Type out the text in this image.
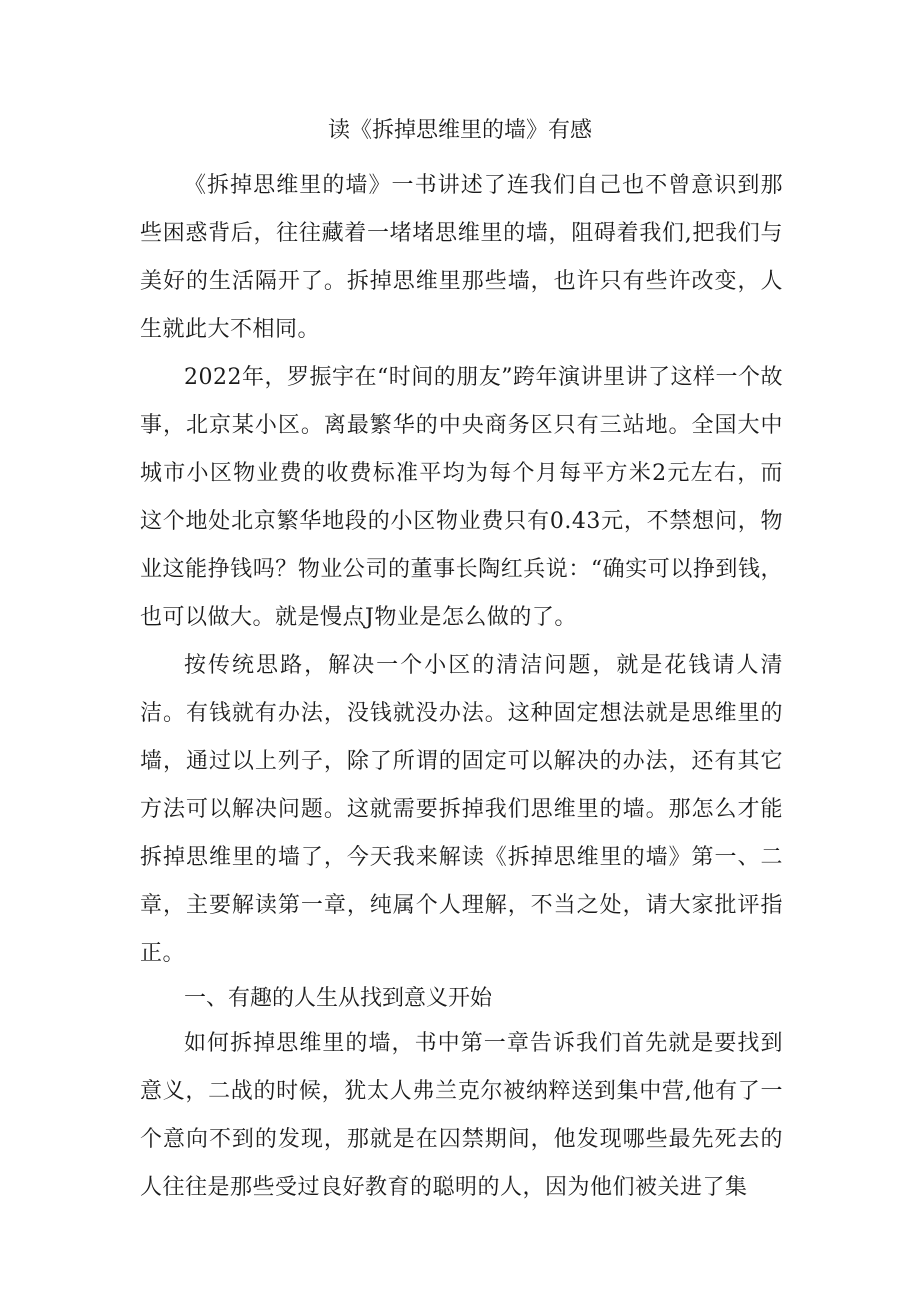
读《拆掉思维里的墙》有感

《拆掉思维里的墙》一书讲述了连我们自己也不曾意识到那些困惑背后，往往藏着一堵堵思维里的墙，阻碍着我们,把我们与美好的生活隔开了。拆掉思维里那些墙，也许只有些许改变，人生就此大不相同。

2022年，罗振宇在“时间的朋友”跨年演讲里讲了这样一个故事，北京某小区。离最繁华的中央商务区只有三站地。全国大中城市小区物业费的收费标准平均为每个月每平方米2元左右，而这个地处北京繁华地段的小区物业费只有0.43元，不禁想问，物业这能挣钱吗？物业公司的董事长陶红兵说：“确实可以挣到钱，也可以做大。就是慢点J物业是怎么做的了。

按传统思路，解决一个小区的清洁问题，就是花钱请人清洁。有钱就有办法，没钱就没办法。这种固定想法就是思维里的墙，通过以上列子，除了所谓的固定可以解决的办法，还有其它方法可以解决问题。这就需要拆掉我们思维里的墙。那怎么才能拆掉思维里的墙了，今天我来解读《拆掉思维里的墙》第一、二章，主要解读第一章，纯属个人理解，不当之处，请大家批评指正。

一、有趣的人生从找到意义开始

如何拆掉思维里的墙，书中第一章告诉我们首先就是要找到意义，二战的时候，犹太人弗兰克尔被纳粹送到集中营,他有了一个意向不到的发现，那就是在囚禁期间，他发现哪些最先死去的人往往是那些受过良好教育的聪明的人，因为他们被关进了集
